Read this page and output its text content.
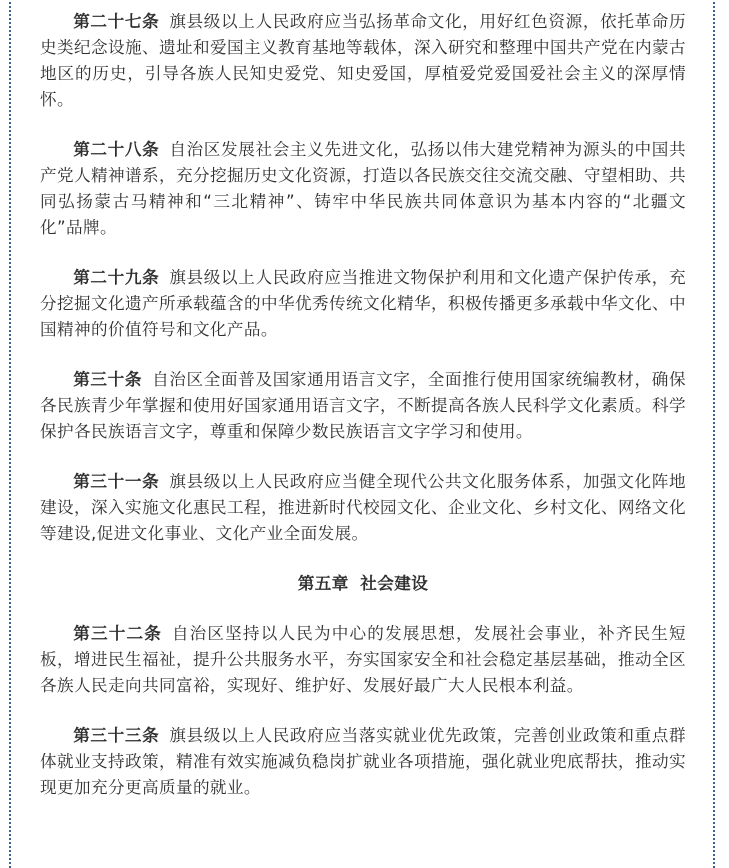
第二十七条 旗县级以上人民政府应当弘扬革命文化，用好红色资源，依托革命历史类纪念设施、遗址和爱国主义教育基地等载体，深入研究和整理中国共产党在内蒙古地区的历史，引导各族人民知史爱党、知史爱国，厚植爱党爱国爱社会主义的深厚情怀。

第二十八条 自治区发展社会主义先进文化，弘扬以伟大建党精神为源头的中国共产党人精神谱系，充分挖掘历史文化资源，打造以各民族交往交流交融、守望相助、共同弘扬蒙古马精神和“三北精神”、铸牢中华民族共同体意识为基本内容的“北疆文化”品牌。

第二十九条 旗县级以上人民政府应当推进文物保护利用和文化遗产保护传承，充分挖掘文化遗产所承载蕴含的中华优秀传统文化精华，积极传播更多承载中华文化、中国精神的价值符号和文化产品。

第三十条 自治区全面普及国家通用语言文字，全面推行使用国家统编教材，确保各民族青少年掌握和使用好国家通用语言文字，不断提高各族人民科学文化素质。科学保护各民族语言文字，尊重和保障少数民族语言文字学习和使用。

第三十一条 旗县级以上人民政府应当健全现代公共文化服务体系，加强文化阵地建设，深入实施文化惠民工程，推进新时代校园文化、企业文化、乡村文化、网络文化等建设,促进文化事业、文化产业全面发展。

第五章 社会建设

第三十二条 自治区坚持以人民为中心的发展思想，发展社会事业，补齐民生短板，增进民生福祉，提升公共服务水平，夯实国家安全和社会稳定基层基础，推动全区各族人民走向共同富裕，实现好、维护好、发展好最广大人民根本利益。

第三十三条 旗县级以上人民政府应当落实就业优先政策，完善创业政策和重点群体就业支持政策，精准有效实施减负稳岗扩就业各项措施，强化就业兜底帮扶，推动实现更加充分更高质量的就业。
